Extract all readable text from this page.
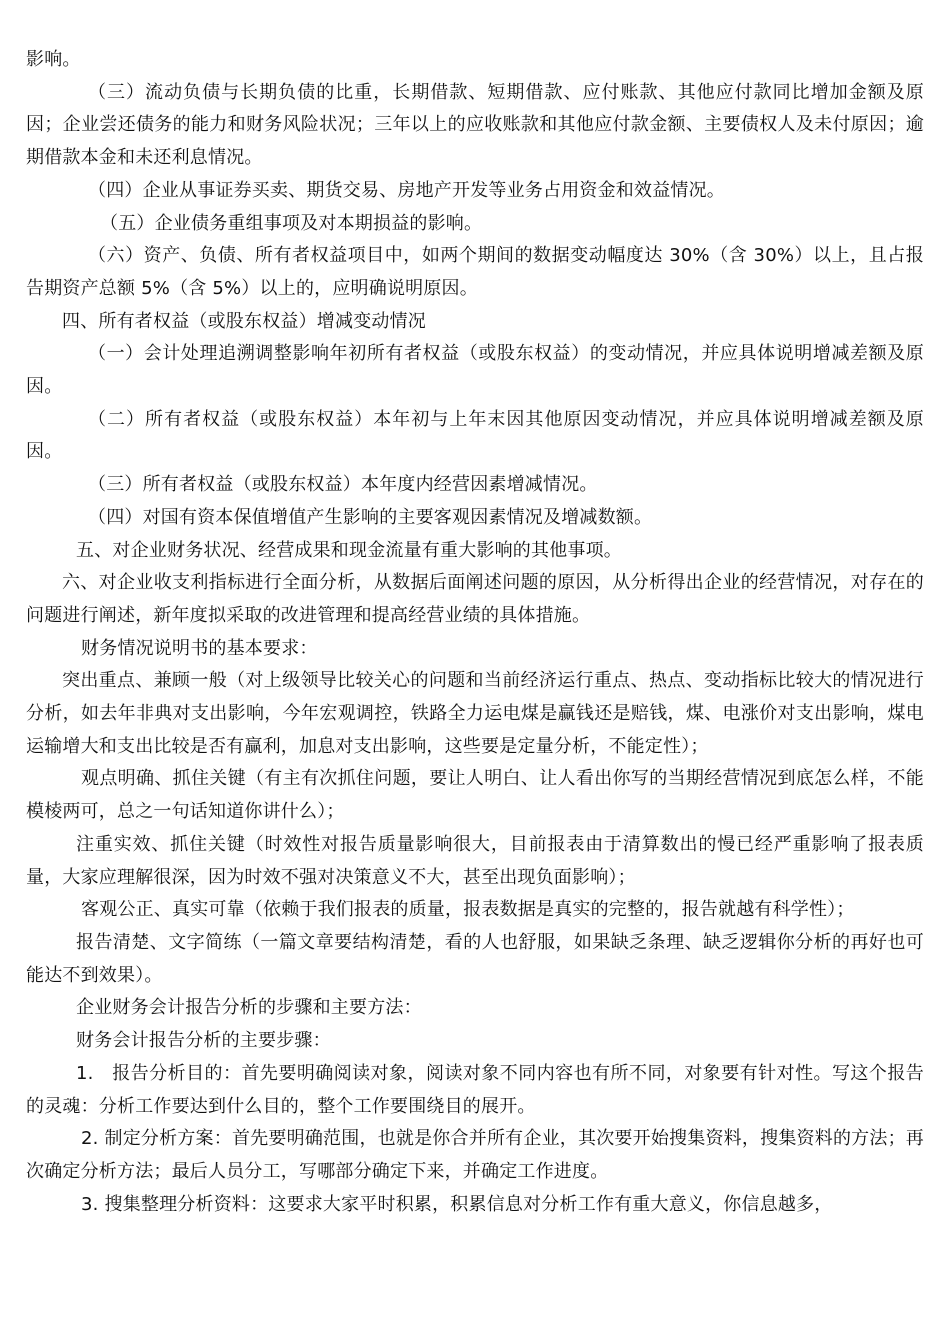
影响。

（三）流动负债与长期负债的比重，长期借款、短期借款、应付账款、其他应付款同比增加金额及原因；企业尝还债务的能力和财务风险状况；三年以上的应收账款和其他应付款金额、主要债权人及未付原因；逾期借款本金和未还利息情况。

（四）企业从事证券买卖、期货交易、房地产开发等业务占用资金和效益情况。

（五）企业债务重组事项及对本期损益的影响。

（六）资产、负债、所有者权益项目中，如两个期间的数据变动幅度达 30%（含 30%）以上，且占报告期资产总额 5%（含 5%）以上的，应明确说明原因。

四、所有者权益（或股东权益）增减变动情况

（一）会计处理追溯调整影响年初所有者权益（或股东权益）的变动情况，并应具体说明增减差额及原因。

（二）所有者权益（或股东权益）本年初与上年末因其他原因变动情况，并应具体说明增减差额及原因。

（三）所有者权益（或股东权益）本年度内经营因素增减情况。

（四）对国有资本保值增值产生影响的主要客观因素情况及增减数额。

五、对企业财务状况、经营成果和现金流量有重大影响的其他事项。

六、对企业收支利指标进行全面分析，从数据后面阐述问题的原因，从分析得出企业的经营情况，对存在的问题进行阐述，新年度拟采取的改进管理和提高经营业绩的具体措施。

财务情况说明书的基本要求：

突出重点、兼顾一般（对上级领导比较关心的问题和当前经济运行重点、热点、变动指标比较大的情况进行分析，如去年非典对支出影响，今年宏观调控，铁路全力运电煤是赢钱还是赔钱，煤、电涨价对支出影响，煤电运输增大和支出比较是否有赢利，加息对支出影响，这些要是定量分析，不能定性）；

观点明确、抓住关键（有主有次抓住问题，要让人明白、让人看出你写的当期经营情况到底怎么样，不能模棱两可，总之一句话知道你讲什么）；

注重实效、抓住关键（时效性对报告质量影响很大，目前报表由于清算数出的慢已经严重影响了报表质量，大家应理解很深，因为时效不强对决策意义不大，甚至出现负面影响）；

客观公正、真实可靠（依赖于我们报表的质量，报表数据是真实的完整的，报告就越有科学性）；

报告清楚、文字简练（一篇文章要结构清楚，看的人也舒服，如果缺乏条理、缺乏逻辑你分析的再好也可能达不到效果）。

企业财务会计报告分析的步骤和主要方法：

财务会计报告分析的主要步骤：

1.　报告分析目的：首先要明确阅读对象，阅读对象不同内容也有所不同，对象要有针对性。写这个报告的灵魂：分析工作要达到什么目的，整个工作要围绕目的展开。

2. 制定分析方案：首先要明确范围，也就是你合并所有企业，其次要开始搜集资料，搜集资料的方法；再次确定分析方法；最后人员分工，写哪部分确定下来，并确定工作进度。

3. 搜集整理分析资料：这要求大家平时积累，积累信息对分析工作有重大意义，你信息越多，
